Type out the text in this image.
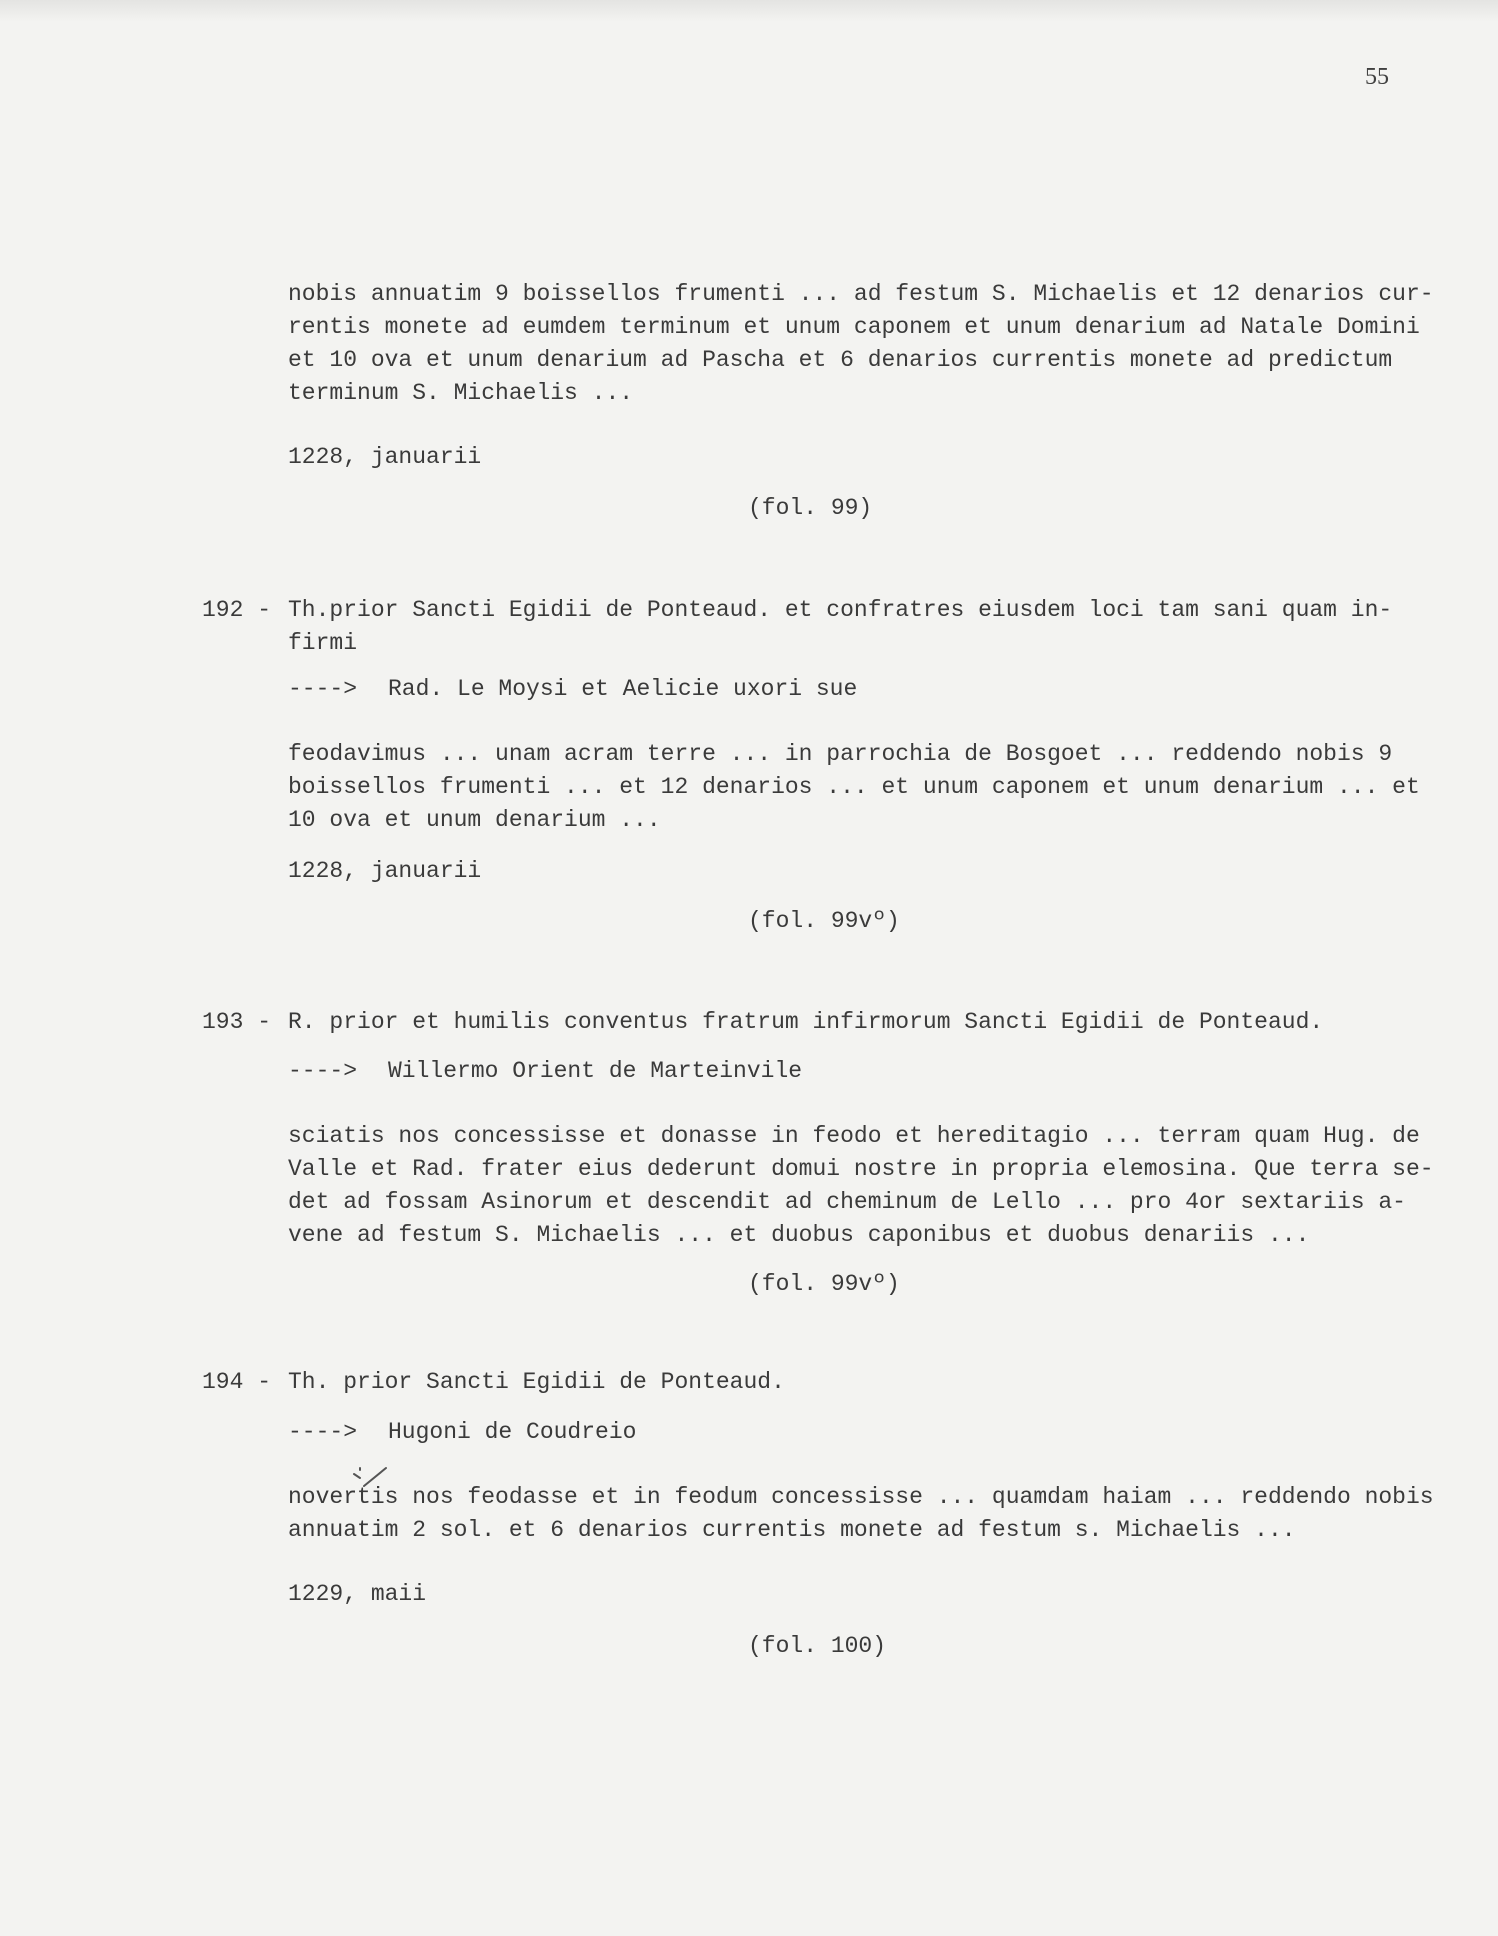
55
nobis annuatim 9 boissellos frumenti ... ad festum S. Michaelis et 12 denarios cur-
rentis monete ad eumdem terminum et unum caponem et unum denarium ad Natale Domini
et 10 ova et unum denarium ad Pascha et 6 denarios currentis monete ad predictum
terminum S. Michaelis ...
1228, januarii
(fol. 99)
192 - Th.prior Sancti Egidii de Ponteaud. et confratres eiusdem loci tam sani quam in-
firmi
----> Rad. Le Moysi et Aelicie uxori sue
feodavimus ... unam acram terre ... in parrochia de Bosgoet ... reddendo nobis 9
boissellos frumenti ... et 12 denarios ... et unum caponem et unum denarium ... et
10 ova et unum denarium ...
1228, januarii
(fol. 99vº)
193 - R. prior et humilis conventus fratrum infirmorum Sancti Egidii de Ponteaud.
----> Willermo Orient de Marteinvile
sciatis nos concessisse et donasse in feodo et hereditagio ... terram quam Hug. de
Valle et Rad. frater eius dederunt domui nostre in propria elemosina. Que terra se-
det ad fossam Asinorum et descendit ad cheminum de Lello ... pro 4or sextariis a-
vene ad festum S. Michaelis ... et duobus caponibus et duobus denariis ...
(fol. 99vº)
194 - Th. prior Sancti Egidii de Ponteaud.
----> Hugoni de Coudreio
novertis nos feodasse et in feodum concessisse ... quamdam haiam ... reddendo nobis
annuatim 2 sol. et 6 denarios currentis monete ad festum s. Michaelis ...
1229, maii
(fol. 100)
